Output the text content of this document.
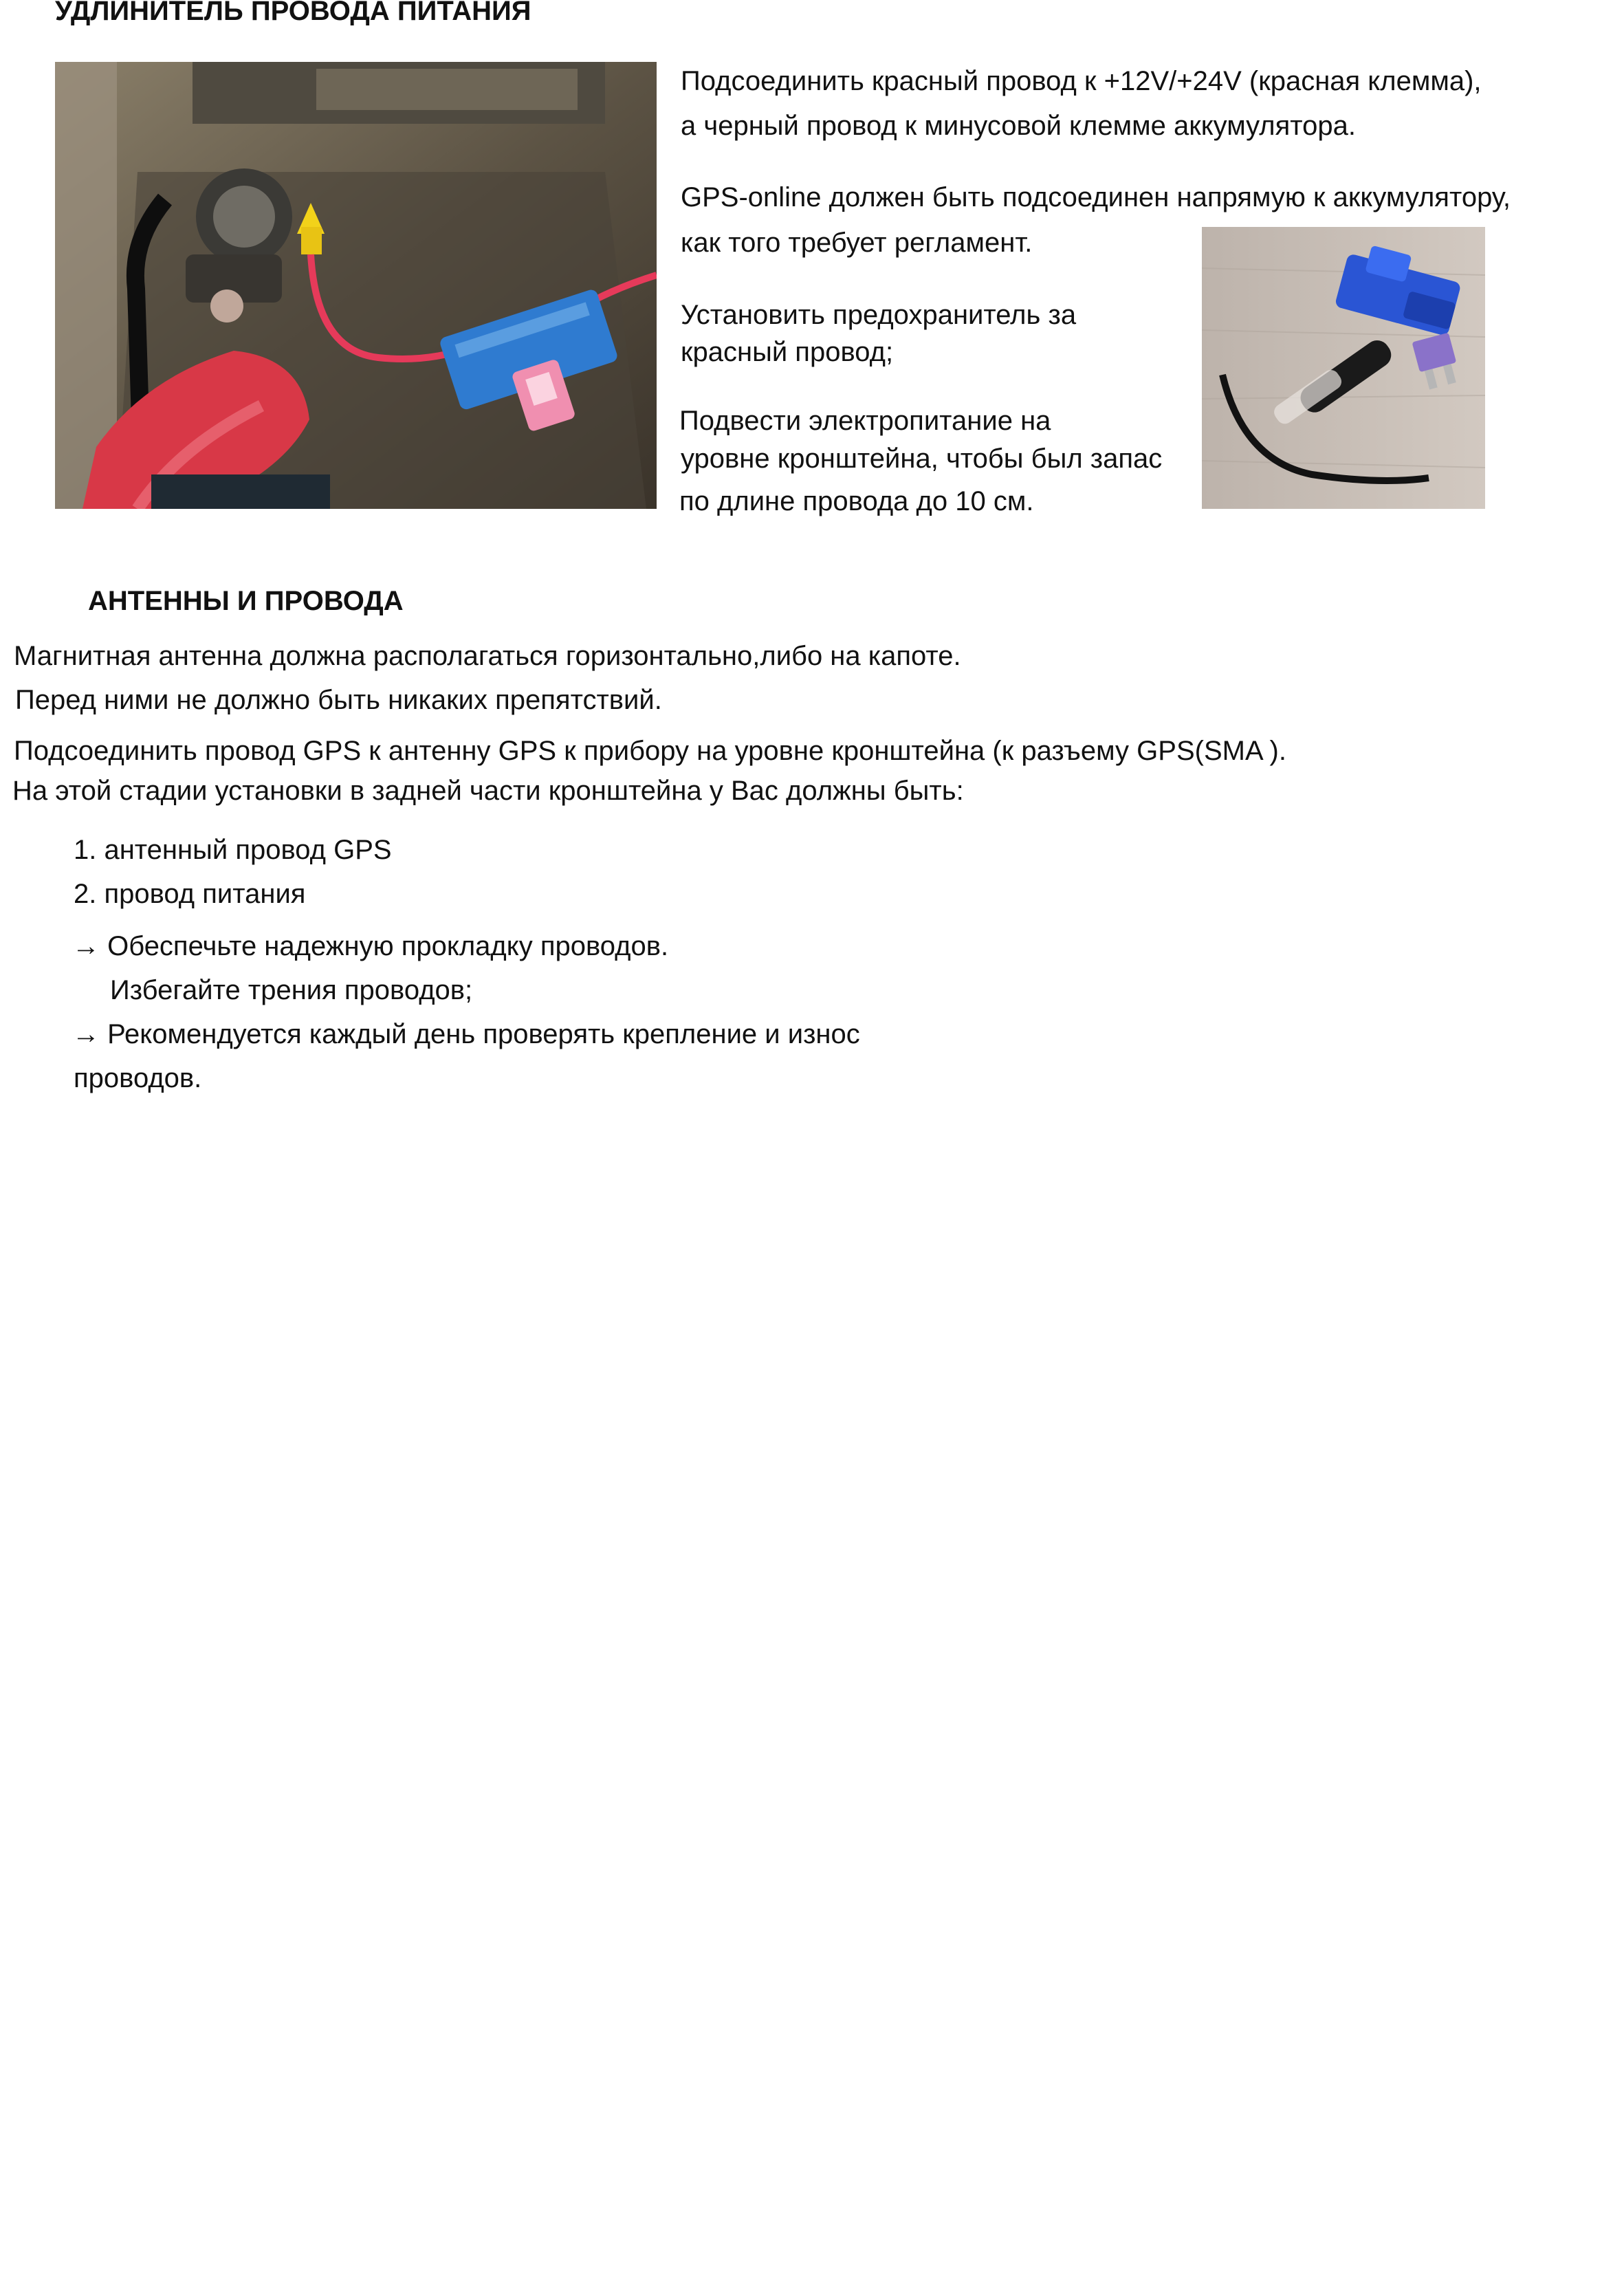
УДЛИНИТЕЛЬ ПРОВОДА ПИТАНИЯ
Подсоединить красный провод к +12V/+24V (красная клемма),
а черный провод к минусовой клемме аккумулятора.
GPS-online должен быть подсоединен напрямую к аккумулятору,
как того требует регламент.
Установить предохранитель за
красный провод;
Подвести электропитание на
уровне кронштейна, чтобы был запас
по длине провода до 10 см.
АНТЕННЫ И ПРОВОДА
Магнитная антенна должна располагаться горизонтально,либо на капоте.
Перед ними не должно быть никаких препятствий.
Подсоединить провод GPS к антенну GPS к прибору на уровне кронштейна (к разъему GPS(SMA ).
На этой стадии установки в задней части кронштейна у Вас должны быть:
1. антенный провод GPS
2. провод питания
→ Обеспечьте надежную прокладку проводов.
Избегайте трения проводов;
→ Рекомендуется каждый день проверять крепление и износ
проводов.
